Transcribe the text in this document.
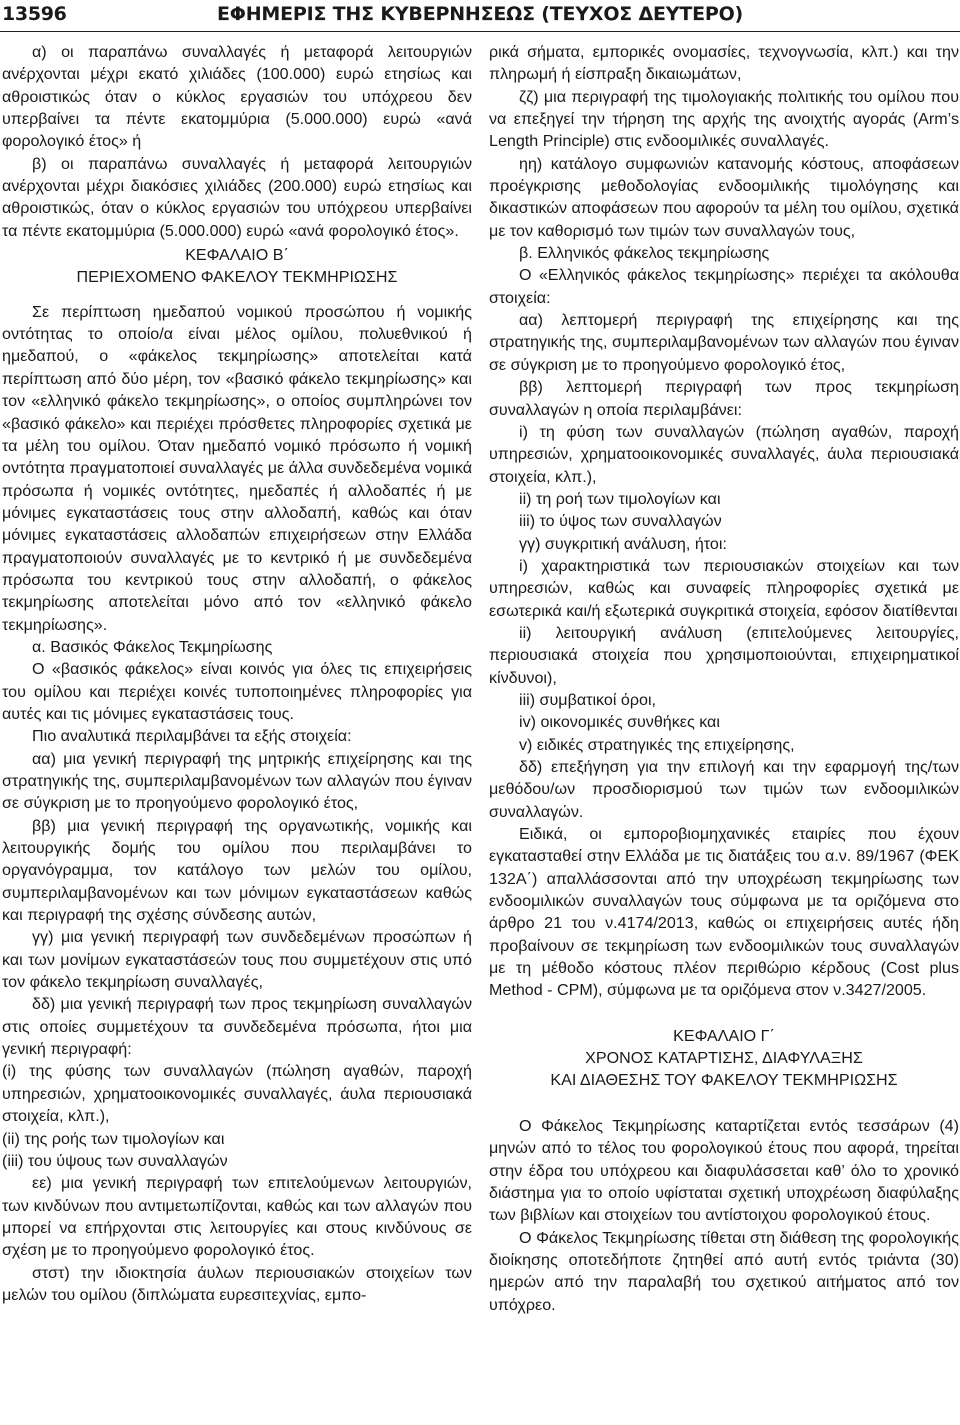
13596	ΕΦΗΜΕΡΙΣ ΤΗΣ ΚΥΒΕΡΝΗΣΕΩΣ (ΤΕΥΧΟΣ ΔΕΥΤΕΡΟ)

α) οι παραπάνω συναλλαγές ή μεταφορά λειτουργιών ανέρχονται μέχρι εκατό χιλιάδες (100.000) ευρώ ετησίως και αθροιστικώς όταν ο κύκλος εργασιών του υπόχρεου δεν υπερβαίνει τα πέντε εκατομμύρια (5.000.000) ευρώ «ανά φορολογικό έτος» ή

β) οι παραπάνω συναλλαγές ή μεταφορά λειτουργιών ανέρχονται μέχρι διακόσιες χιλιάδες (200.000) ευρώ ετησίως και αθροιστικώς, όταν ο κύκλος εργασιών του υπόχρεου υπερβαίνει τα πέντε εκατομμύρια (5.000.000) ευρώ «ανά φορολογικό έτος».

ΚΕΦΑΛΑΙΟ Β΄
ΠΕΡΙΕΧΟΜΕΝΟ ΦΑΚΕΛΟΥ ΤΕΚΜΗΡΙΩΣΗΣ

Σε περίπτωση ημεδαπού νομικού προσώπου ή νομικής οντότητας το οποίο/α είναι μέλος ομίλου, πολυεθνικού ή ημεδαπού, ο «φάκελος τεκμηρίωσης» αποτελείται κατά περίπτωση από δύο μέρη, τον «βασικό φάκελο τεκμηρίωσης» και τον «ελληνικό φάκελο τεκμηρίωσης», ο οποίος συμπληρώνει τον «βασικό φάκελο» και περιέχει πρόσθετες πληροφορίες σχετικά με τα μέλη του ομίλου. Όταν ημεδαπό νομικό πρόσωπο ή νομική οντότητα πραγματοποιεί συναλλαγές με άλλα συνδεδεμένα νομικά πρόσωπα ή νομικές οντότητες, ημεδαπές ή αλλοδαπές ή με μόνιμες εγκαταστάσεις τους στην αλλοδαπή, καθώς και όταν μόνιμες εγκαταστάσεις αλλοδαπών επιχειρήσεων στην Ελλάδα πραγματοποιούν συναλλαγές με το κεντρικό ή με συνδεδεμένα πρόσωπα του κεντρικού τους στην αλλοδαπή, ο φάκελος τεκμηρίωσης αποτελείται μόνο από τον «ελληνικό φάκελο τεκμηρίωσης».

α. Βασικός Φάκελος Τεκμηρίωσης

Ο «βασικός φάκελος» είναι κοινός για όλες τις επιχειρήσεις του ομίλου και περιέχει κοινές τυποποιημένες πληροφορίες για αυτές και τις μόνιμες εγκαταστάσεις τους.

Πιο αναλυτικά περιλαμβάνει τα εξής στοιχεία:

αα) μια γενική περιγραφή της μητρικής επιχείρησης και της στρατηγικής της, συμπεριλαμβανομένων των αλλαγών που έγιναν σε σύγκριση με το προηγούμενο φορολογικό έτος,

ββ) μια γενική περιγραφή της οργανωτικής, νομικής και λειτουργικής δομής του ομίλου που περιλαμβάνει το οργανόγραμμα, τον κατάλογο των μελών του ομίλου, συμπεριλαμβανομένων και των μόνιμων εγκαταστάσεων καθώς και περιγραφή της σχέσης σύνδεσης αυτών,

γγ) μια γενική περιγραφή των συνδεδεμένων προσώπων ή και των μονίμων εγκαταστάσεών τους που συμμετέχουν στις υπό τον φάκελο τεκμηρίωση συναλλαγές,

δδ) μια γενική περιγραφή των προς τεκμηρίωση συναλλαγών στις οποίες συμμετέχουν τα συνδεδεμένα πρόσωπα, ήτοι μια γενική περιγραφή:

(i) της φύσης των συναλλαγών (πώληση αγαθών, παροχή υπηρεσιών, χρηματοοικονομικές συναλλαγές, άυλα περιουσιακά στοιχεία, κλπ.),

(ii) της ροής των τιμολογίων και

(iii) του ύψους των συναλλαγών

εε) μια γενική περιγραφή των επιτελούμενων λειτουργιών, των κινδύνων που αντιμετωπίζονται, καθώς και των αλλαγών που μπορεί να επήρχονται στις λειτουργίες και στους κινδύνους σε σχέση με το προηγούμενο φορολογικό έτος.

στστ) την ιδιοκτησία άυλων περιουσιακών στοιχείων των μελών του ομίλου (διπλώματα ευρεσιτεχνίας, εμπο-

ρικά σήματα, εμπορικές ονομασίες, τεχνογνωσία, κλπ.) και την πληρωμή ή είσπραξη δικαιωμάτων,

ζζ) μια περιγραφή της τιμολογιακής πολιτικής του ομίλου που να επεξηγεί την τήρηση της αρχής της ανοιχτής αγοράς (Arm’s Length Principle) στις ενδοομιλικές συναλλαγές.

ηη) κατάλογο συμφωνιών κατανομής κόστους, αποφάσεων προέγκρισης μεθοδολογίας ενδοομιλικής τιμολόγησης και δικαστικών αποφάσεων που αφορούν τα μέλη του ομίλου, σχετικά με τον καθορισμό των τιμών των συναλλαγών τους,

β. Ελληνικός φάκελος τεκμηρίωσης

Ο «Ελληνικός φάκελος τεκμηρίωσης» περιέχει τα ακόλουθα στοιχεία:

αα) λεπτομερή περιγραφή της επιχείρησης και της στρατηγικής της, συμπεριλαμβανομένων των αλλαγών που έγιναν σε σύγκριση με το προηγούμενο φορολογικό έτος,

ββ) λεπτομερή περιγραφή των προς τεκμηρίωση συναλλαγών η οποία περιλαμβάνει:

i) τη φύση των συναλλαγών (πώληση αγαθών, παροχή υπηρεσιών, χρηματοοικονομικές συναλλαγές, άυλα περιουσιακά στοιχεία, κλπ.),

ii) τη ροή των τιμολογίων και

iii) το ύψος των συναλλαγών

γγ) συγκριτική ανάλυση, ήτοι:

i) χαρακτηριστικά των περιουσιακών στοιχείων και των υπηρεσιών, καθώς και συναφείς πληροφορίες σχετικά με εσωτερικά και/ή εξωτερικά συγκριτικά στοιχεία, εφόσον διατίθενται

ii) λειτουργική ανάλυση (επιτελούμενες λειτουργίες, περιουσιακά στοιχεία που χρησιμοποιούνται, επιχειρηματικοί κίνδυνοι),

iii) συμβατικοί όροι,

iv) οικονομικές συνθήκες και

v) ειδικές στρατηγικές της επιχείρησης,

δδ) επεξήγηση για την επιλογή και την εφαρμογή της/των μεθόδου/ων προσδιορισμού των τιμών των ενδοομιλικών συναλλαγών.

Ειδικά, οι εμποροβιομηχανικές εταιρίες που έχουν εγκατασταθεί στην Ελλάδα με τις διατάξεις του α.ν. 89/1967 (ΦΕΚ 132Α΄) απαλλάσσονται από την υποχρέωση τεκμηρίωσης των ενδοομιλικών συναλλαγών τους σύμφωνα με τα οριζόμενα στο άρθρο 21 του ν.4174/2013, καθώς οι επιχειρήσεις αυτές ήδη προβαίνουν σε τεκμηρίωση των ενδοομιλικών τους συναλλαγών με τη μέθοδο κόστους πλέον περιθώριο κέρδους (Cost plus Method - CPM), σύμφωνα με τα οριζόμενα στον ν.3427/2005.

ΚΕΦΑΛΑΙΟ Γ΄
ΧΡΟΝΟΣ ΚΑΤΑΡΤΙΣΗΣ, ΔΙΑΦΥΛΑΞΗΣ
ΚΑΙ ΔΙΑΘΕΣΗΣ ΤΟΥ ΦΑΚΕΛΟΥ ΤΕΚΜΗΡΙΩΣΗΣ

Ο Φάκελος Τεκμηρίωσης καταρτίζεται εντός τεσσάρων (4) μηνών από το τέλος του φορολογικού έτους που αφορά, τηρείται στην έδρα του υπόχρεου και διαφυλάσσεται καθ’ όλο το χρονικό διάστημα για το οποίο υφίσταται σχετική υποχρέωση διαφύλαξης των βιβλίων και στοιχείων του αντίστοιχου φορολογικού έτους.

Ο Φάκελος Τεκμηρίωσης τίθεται στη διάθεση της φορολογικής διοίκησης οποτεδήποτε ζητηθεί από αυτή εντός τριάντα (30) ημερών από την παραλαβή του σχετικού αιτήματος από τον υπόχρεο.
